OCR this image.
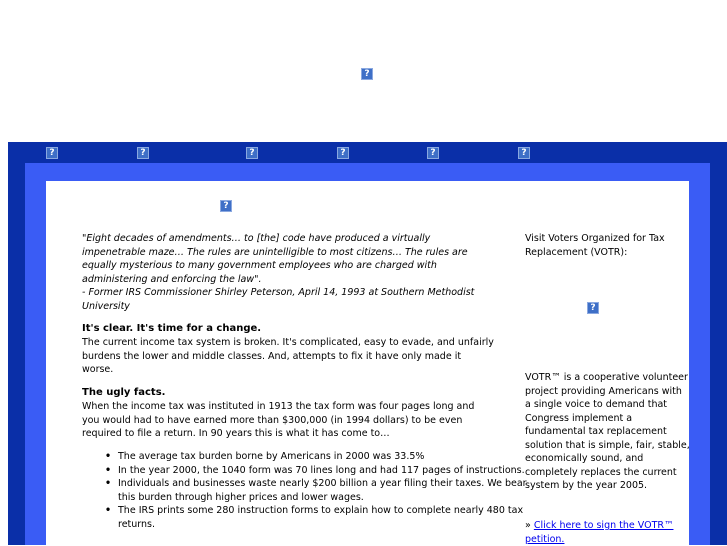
?
?	?	?	?	?	?
?
"Eight decades of amendments… to [the] code have produced a virtually impenetrable maze… The rules are unintelligible to most citizens… The rules are equally mysterious to many government employees who are charged with administering and enforcing the law".
- Former IRS Commissioner Shirley Peterson, April 14, 1993 at Southern Methodist University
It's clear. It's time for a change.
The current income tax system is broken. It's complicated, easy to evade, and unfairly burdens the lower and middle classes. And, attempts to fix it have only made it worse.
The ugly facts.
When the income tax was instituted in 1913 the tax form was four pages long and you would had to have earned more than $300,000 (in 1994 dollars) to be even required to file a return. In 90 years this is what it has come to…
• The average tax burden borne by Americans in 2000 was 33.5%
• In the year 2000, the 1040 form was 70 lines long and had 117 pages of instructions.
• Individuals and businesses waste nearly $200 billion a year filing their taxes. We bear this burden through higher prices and lower wages.
• The IRS prints some 280 instruction forms to explain how to complete nearly 480 tax returns.
Visit Voters Organized for Tax Replacement (VOTR):
?
VOTR™ is a cooperative volunteer project providing Americans with a single voice to demand that Congress implement a fundamental tax replacement solution that is simple, fair, stable, economically sound, and completely replaces the current system by the year 2005.
» Click here to sign the VOTR™ petition.
